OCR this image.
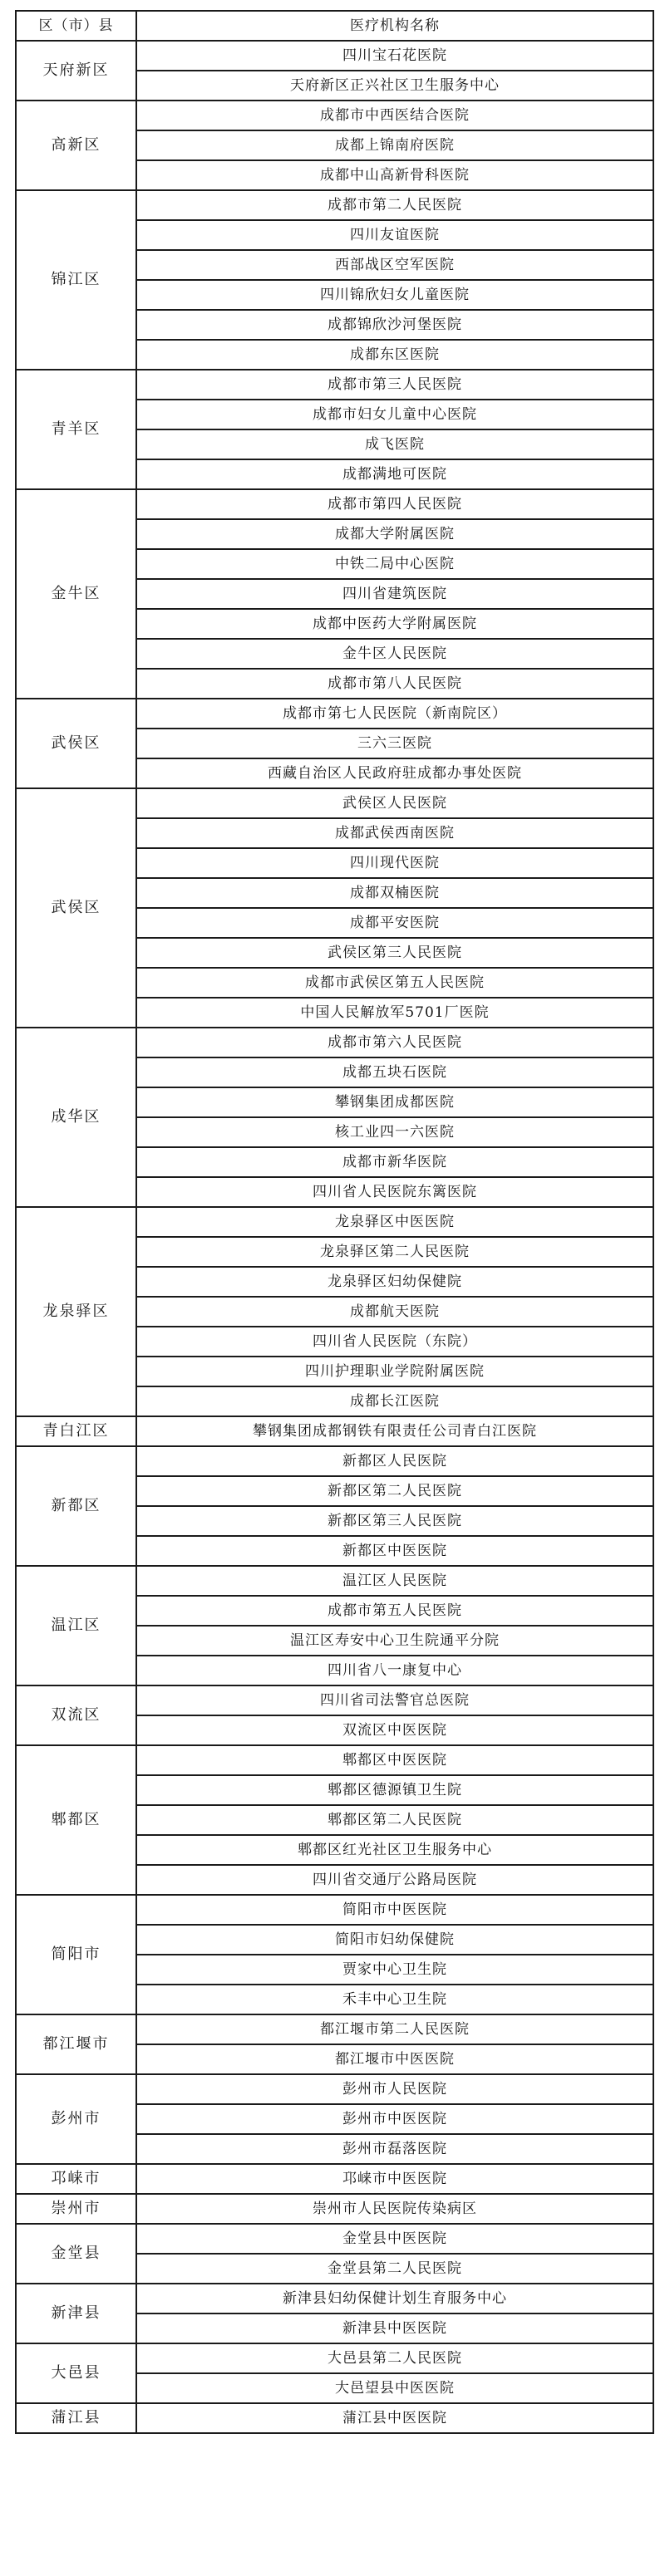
区（市）县	医疗机构名称
天府新区	四川宝石花医院
	天府新区正兴社区卫生服务中心
高新区	成都市中西医结合医院
	成都上锦南府医院
	成都中山高新骨科医院
锦江区	成都市第二人民医院
	四川友谊医院
	西部战区空军医院
	四川锦欣妇女儿童医院
	成都锦欣沙河堡医院
	成都东区医院
青羊区	成都市第三人民医院
	成都市妇女儿童中心医院
	成飞医院
	成都满地可医院
金牛区	成都市第四人民医院
	成都大学附属医院
	中铁二局中心医院
	四川省建筑医院
	成都中医药大学附属医院
	金牛区人民医院
	成都市第八人民医院
武侯区	成都市第七人民医院（新南院区）
	三六三医院
	西藏自治区人民政府驻成都办事处医院
武侯区	武侯区人民医院
	成都武侯西南医院
	四川现代医院
	成都双楠医院
	成都平安医院
	武侯区第三人民医院
	成都市武侯区第五人民医院
	中国人民解放军5701厂医院
成华区	成都市第六人民医院
	成都五块石医院
	攀钢集团成都医院
	核工业四一六医院
	成都市新华医院
	四川省人民医院东篱医院
龙泉驿区	龙泉驿区中医医院
	龙泉驿区第二人民医院
	龙泉驿区妇幼保健院
	成都航天医院
	四川省人民医院（东院）
	四川护理职业学院附属医院
	成都长江医院
青白江区	攀钢集团成都钢铁有限责任公司青白江医院
新都区	新都区人民医院
	新都区第二人民医院
	新都区第三人民医院
	新都区中医医院
温江区	温江区人民医院
	成都市第五人民医院
	温江区寿安中心卫生院通平分院
	四川省八一康复中心
双流区	四川省司法警官总医院
	双流区中医医院
郫都区	郫都区中医医院
	郫都区德源镇卫生院
	郫都区第二人民医院
	郫都区红光社区卫生服务中心
	四川省交通厅公路局医院
简阳市	简阳市中医医院
	简阳市妇幼保健院
	贾家中心卫生院
	禾丰中心卫生院
都江堰市	都江堰市第二人民医院
	都江堰市中医医院
彭州市	彭州市人民医院
	彭州市中医医院
	彭州市磊落医院
邛崃市	邛崃市中医医院
崇州市	崇州市人民医院传染病区
金堂县	金堂县中医医院
	金堂县第二人民医院
新津县	新津县妇幼保健计划生育服务中心
	新津县中医医院
大邑县	大邑县第二人民医院
	大邑望县中医医院
蒲江县	蒲江县中医医院
